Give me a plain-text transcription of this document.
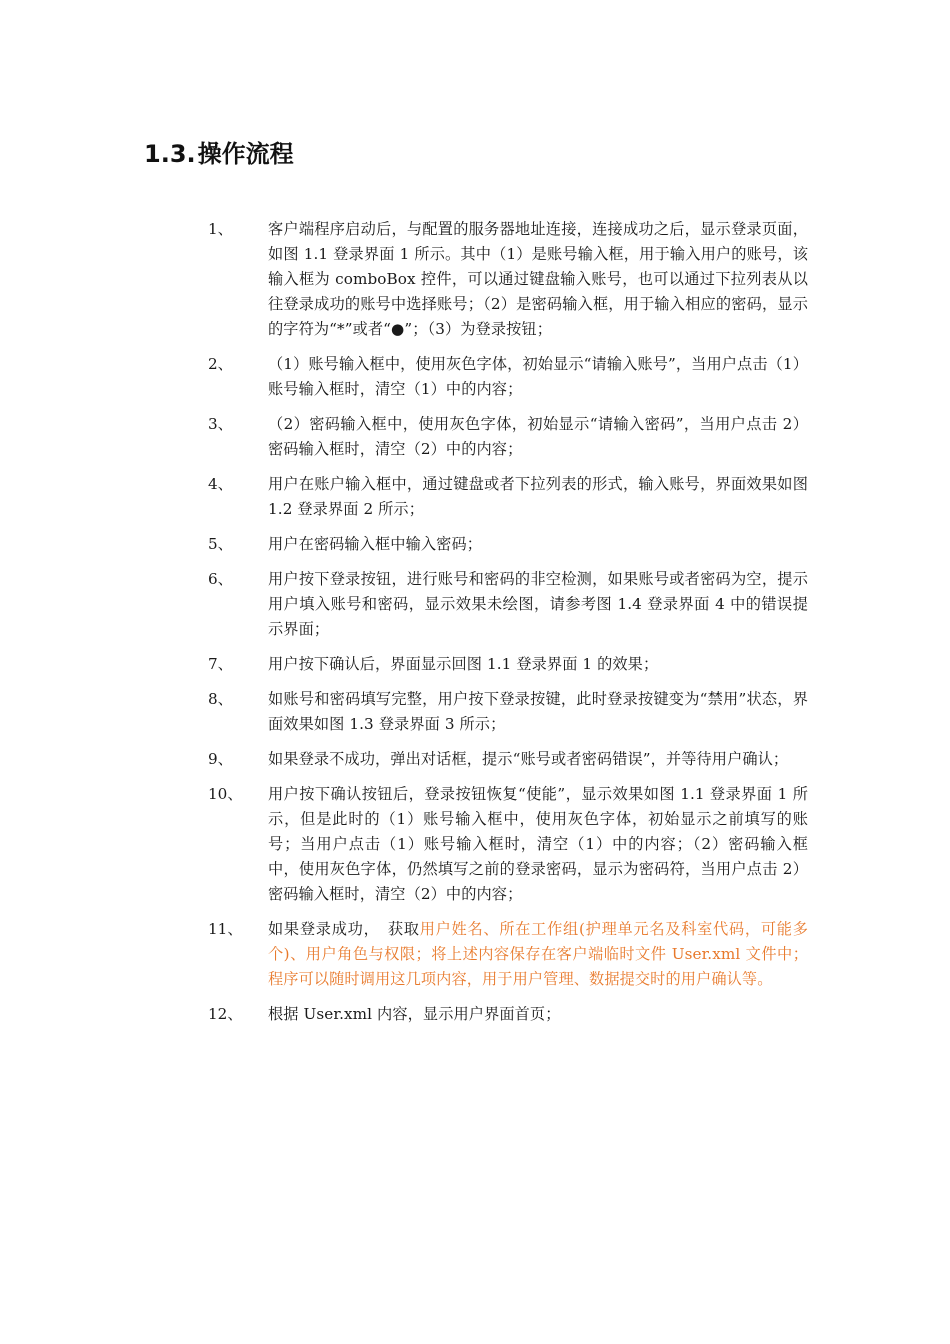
1.3.操作流程
1、	客户端程序启动后，与配置的服务器地址连接，连接成功之后，显示登录页面，如图 1.1 登录界面 1 所示。其中（1）是账号输入框，用于输入用户的账号，该输入框为 comboBox 控件，可以通过键盘输入账号，也可以通过下拉列表从以往登录成功的账号中选择账号；（2）是密码输入框，用于输入相应的密码，显示的字符为“*”或者“●”；（3）为登录按钮；
2、	（1）账号输入框中，使用灰色字体，初始显示“请输入账号”，当用户点击（1）账号输入框时，清空（1）中的内容；
3、	（2）密码输入框中，使用灰色字体，初始显示“请输入密码”，当用户点击 2）密码输入框时，清空（2）中的内容；
4、	用户在账户输入框中，通过键盘或者下拉列表的形式，输入账号，界面效果如图 1.2 登录界面 2 所示；
5、	用户在密码输入框中输入密码；
6、	用户按下登录按钮，进行账号和密码的非空检测，如果账号或者密码为空，提示用户填入账号和密码，显示效果未绘图，请参考图 1.4 登录界面 4 中的错误提示界面；
7、	用户按下确认后，界面显示回图 1.1 登录界面 1 的效果；
8、	如账号和密码填写完整，用户按下登录按键，此时登录按键变为“禁用”状态，界面效果如图 1.3 登录界面 3 所示；
9、	如果登录不成功，弹出对话框，提示“账号或者密码错误”，并等待用户确认；
10、	用户按下确认按钮后，登录按钮恢复“使能”，显示效果如图 1.1 登录界面 1 所示，但是此时的（1）账号输入框中，使用灰色字体，初始显示之前填写的账号；当用户点击（1）账号输入框时，清空（1）中的内容；（2）密码输入框中，使用灰色字体，仍然填写之前的登录密码，显示为密码符，当用户点击 2）密码输入框时，清空（2）中的内容；
11、	如果登录成功，　获取用户姓名、所在工作组(护理单元名及科室代码，可能多个)、用户角色与权限；将上述内容保存在客户端临时文件 User.xml 文件中；程序可以随时调用这几项内容，用于用户管理、数据提交时的用户确认等。
12、	根据 User.xml 内容，显示用户界面首页；
